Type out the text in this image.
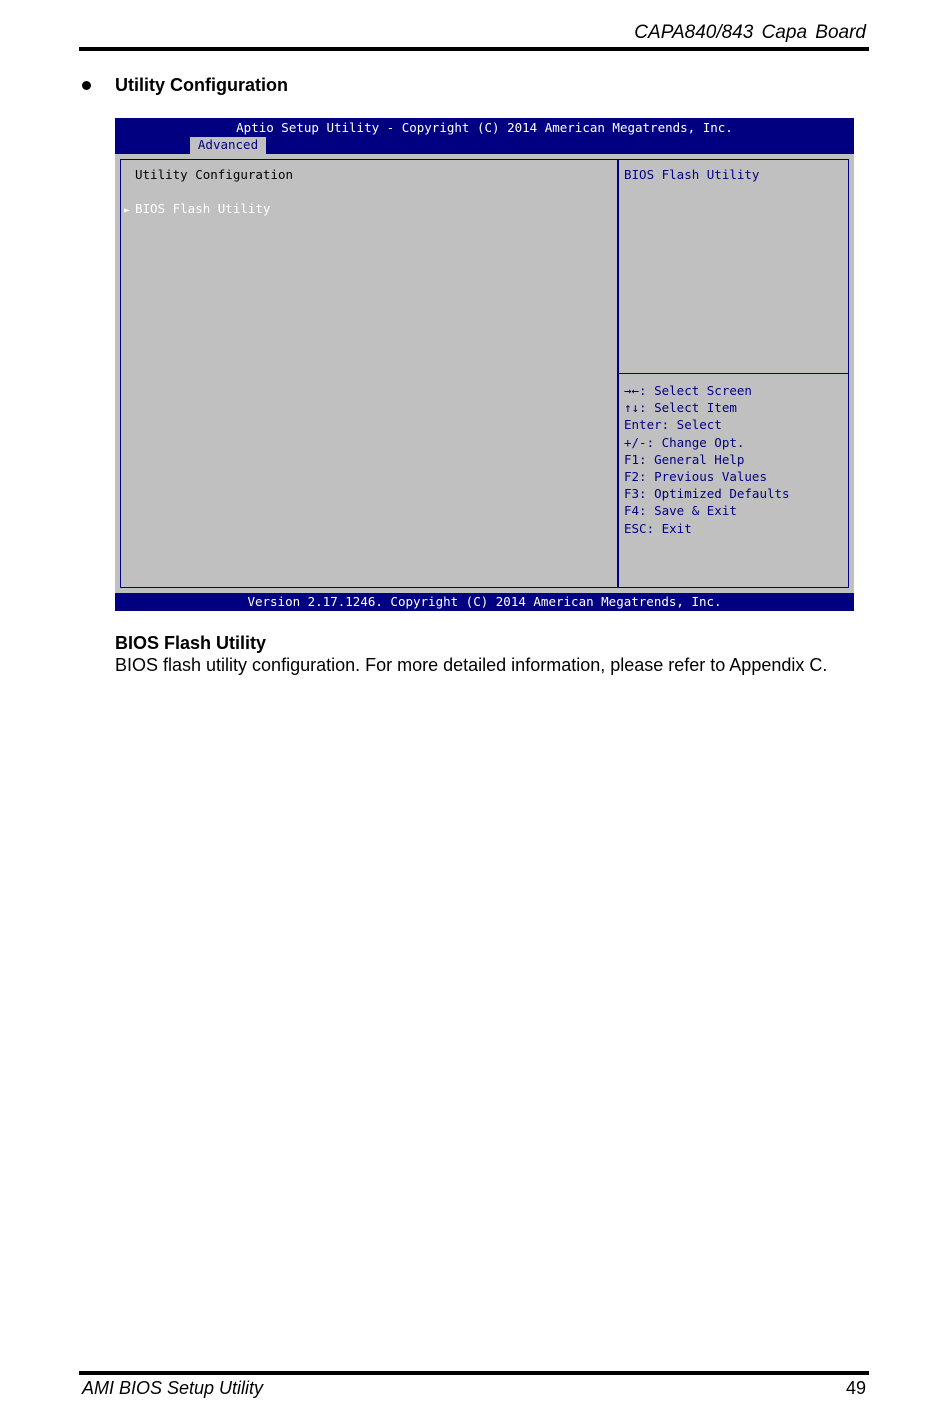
CAPA840/843 Capa Board
Utility Configuration
Aptio Setup Utility - Copyright (C) 2014 American Megatrends, Inc.
Advanced
Utility Configuration
► BIOS Flash Utility
BIOS Flash Utility
→←: Select Screen
↑↓: Select Item
Enter: Select
+/-: Change Opt.
F1: General Help
F2: Previous Values
F3: Optimized Defaults
F4: Save & Exit
ESC: Exit
Version 2.17.1246. Copyright (C) 2014 American Megatrends, Inc.
BIOS Flash Utility
BIOS flash utility configuration. For more detailed information, please refer to Appendix C.
AMI BIOS Setup Utility	49
